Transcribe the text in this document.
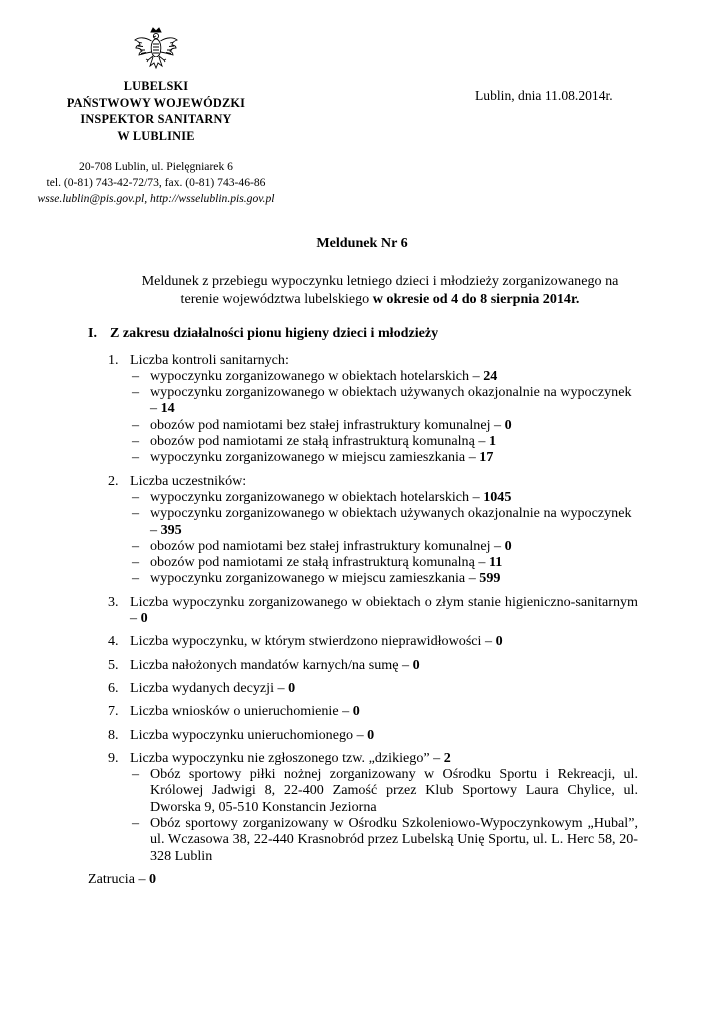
LUBELSKI
PAŃSTWOWY WOJEWÓDZKI
INSPEKTOR SANITARNY
W LUBLINIE
20-708 Lublin, ul. Pielęgniarek 6
tel. (0-81) 743-42-72/73, fax. (0-81) 743-46-86
wsse.lublin@pis.gov.pl, http://wsselublin.pis.gov.pl
Lublin, dnia 11.08.2014r.
Meldunek Nr 6
Meldunek z przebiegu wypoczynku letniego dzieci i młodzieży zorganizowanego na
terenie województwa lubelskiego w okresie od 4 do 8 sierpnia 2014r.
I. Z zakresu działalności pionu higieny dzieci i młodzieży
1. Liczba kontroli sanitarnych:
– wypoczynku zorganizowanego w obiektach hotelarskich – 24
– wypoczynku zorganizowanego w obiektach używanych okazjonalnie na wypoczynek – 14
– obozów pod namiotami bez stałej infrastruktury komunalnej – 0
– obozów pod namiotami ze stałą infrastrukturą komunalną – 1
– wypoczynku zorganizowanego w miejscu zamieszkania – 17
2. Liczba uczestników:
– wypoczynku zorganizowanego w obiektach hotelarskich – 1045
– wypoczynku zorganizowanego w obiektach używanych okazjonalnie na wypoczynek – 395
– obozów pod namiotami bez stałej infrastruktury komunalnej – 0
– obozów pod namiotami ze stałą infrastrukturą komunalną – 11
– wypoczynku zorganizowanego w miejscu zamieszkania – 599
3. Liczba wypoczynku zorganizowanego w obiektach o złym stanie higieniczno-sanitarnym – 0
4. Liczba wypoczynku, w którym stwierdzono nieprawidłowości – 0
5. Liczba nałożonych mandatów karnych/na sumę – 0
6. Liczba wydanych decyzji – 0
7. Liczba wniosków o unieruchomienie – 0
8. Liczba wypoczynku unieruchomionego – 0
9. Liczba wypoczynku nie zgłoszonego tzw. „dzikiego” – 2
– Obóz sportowy piłki nożnej zorganizowany w Ośrodku Sportu i Rekreacji, ul. Królowej Jadwigi 8, 22-400 Zamość przez Klub Sportowy Laura Chylice, ul. Dworska 9, 05-510 Konstancin Jeziorna
– Obóz sportowy zorganizowany w Ośrodku Szkoleniowo-Wypoczynkowym „Hubal”, ul. Wczasowa 38, 22-440 Krasnobród przez Lubelską Unię Sportu, ul. L. Herc 58, 20-328 Lublin
Zatrucia – 0
